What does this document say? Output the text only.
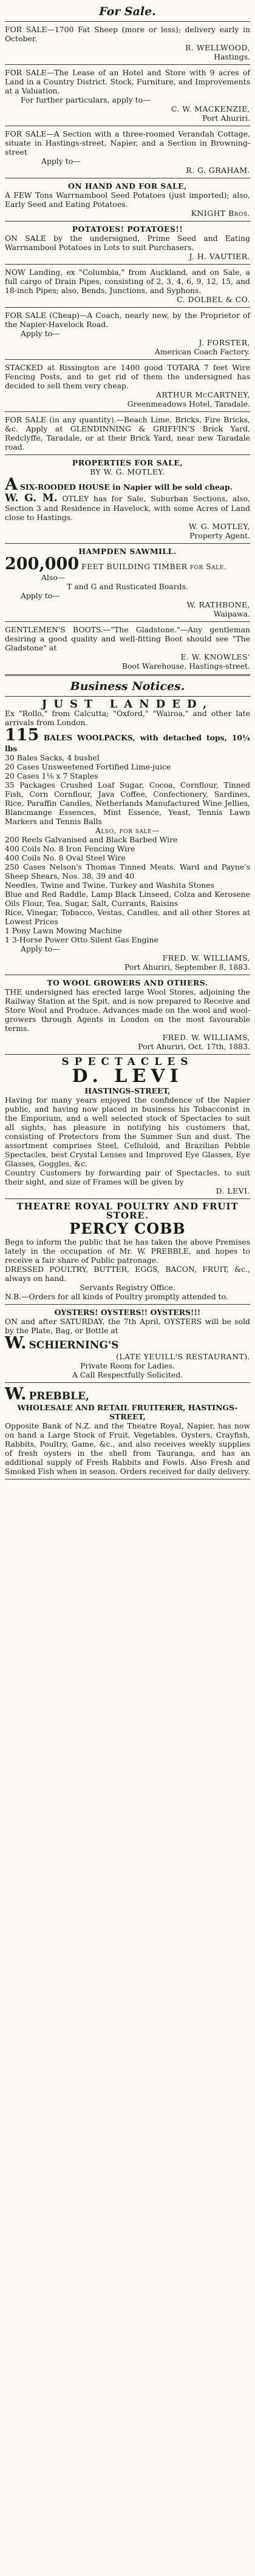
For Sale.

FOR SALE—1700 Fat Sheep (more or less); delivery early in October.

R. WELLWOOD,

Hastings.

FOR SALE—The Lease of an Hotel and Store with 9 acres of Land in a Country District. Stock, Furniture, and Improvements at a Valuation.

For further particulars, apply to—

C. W. MACKENZIE,

Port Ahuriri.

FOR SALE—A Section with a three-roomed Verandah Cottage, situate in Hastings-street, Napier, and a Section in Browning-street

Apply to—

R. G. GRAHAM.

ON HAND AND FOR SALE,

A FEW Tons Warrnambool Seed Potatoes (just imported); also, Early Seed and Eating Potatoes.

KNIGHT Bros.

POTATOES! POTATOES!!

ON SALE by the undersigned, Prime Seed and Eating Warrnambool Potatoes in Lots to suit Purchasers.

J. H. VAUTIER.

NOW Landing, ex "Columbia," from Auckland, and on Sale, a full cargo of Drain Pipes, consisting of 2, 3, 4, 6, 9, 12, 15, and 18-inch Pipes; also, Bends, Junctions, and Syphons.

C. DOLBEL & CO.

FOR SALE (Cheap)—A Coach, nearly new, by the Proprietor of the Napier-Havelock Road.

Apply to—

J. FORSTER,

American Coach Factory.

STACKED at Rissington are 1400 good TOTARA 7 feet Wire Fencing Posts, and to get rid of them the undersigned has decided to sell them very cheap.

ARTHUR McCARTNEY,

Greenmeadows Hotel, Taradale.

FOR SALE (in any quantity).—Beach Lime, Bricks, Fire Bricks, &c. Apply at GLENDINNING & GRIFFIN'S Brick Yard, Redclyffe, Taradale, or at their Brick Yard, near new Taradale road.

PROPERTIES FOR SALE,

BY W. G. MOTLEY.

A SIX-ROODED HOUSE in Napier will be sold cheap.

W. G. M. OTLEY has for Sale, Suburban Sections, also, Section 3 and Residence in Havelock, with some Acres of Land close to Hastings.

W. G. MOTLEY,

Property Agent.

HAMPDEN SAWMILL.

200,000 FEET BUILDING TIMBER for Sale.

Also—

T and G and Rusticated Boards.

Apply to—

W. RATHBONE,

Waipawa.

GENTLEMEN'S BOOTS.—"The Gladstone."—Any gentleman desiring a good quality and well-fitting Boot should see "The Gladstone" at

E. W. KNOWLES'

Boot Warehouse, Hastings-street.

Business Notices.

JUST LANDED,

Ex "Rollo," from Calcutta; "Oxford," "Wairoa," and other late arrivals from London.

115 BALES WOOLPACKS, with detached tops, 10¼ lbs

30 Bales Sacks, 4 bushel

20 Cases Unsweetened Fortified Lime-juice

20 Cases 1⅛ x 7 Staples

35 Packages Crushed Loaf Sugar, Cocoa, Cornflour, Tinned Fish, Corn Cornflour, Java Coffee, Confectionery, Sardines, Rice, Paraffin Candles, Netherlands Manufactured Wine Jellies, Blancmange Essences, Mint Essence, Yeast, Tennis Lawn Markers and Tennis Balls

Also, for sale—

200 Reels Galvanised and Black Barbed Wire

400 Coils No. 8 Iron Fencing Wire

400 Coils No. 8 Oval Steel Wire

250 Cases Nelson's Thomas Tinned Meats, Ward and Payne's Sheep Shears, Nos. 38, 39 and 40

Needles, Twine and Twine, Turkey and Washita Stones

Blue and Red Raddle, Lamp Black Linseed, Colza and Kerosene Oils Flour, Tea, Sugar, Salt, Currants, Raisins

Rice, Vinegar, Tobacco, Vestas, Candles, and all other Stores at Lowest Prices

1 Pony Lawn Mowing Machine

1 3-Horse Power Otto Silent Gas Engine

Apply to—

FRED. W. WILLIAMS,

Port Ahuriri, September 8, 1883.

TO WOOL GROWERS AND OTHERS.

THE undersigned has erected large Wool Stores, adjoining the Railway Station at the Spit, and is now prepared to Receive and Store Wool and Produce. Advances made on the wool and wool-growers through Agents in London on the most favourable terms.

FRED. W. WILLIAMS,

Port Ahuriri, Oct. 17th, 1883.

SPECTACLES

D. LEVI

HASTINGS-STREET,

Having for many years enjoyed the confidence of the Napier public, and having now placed in business his Tobacconist in the Emporium, and a well selected stock of Spectacles to suit all sights, has pleasure in notifying his customers that, consisting of Protectors from the Summer Sun and dust. The assortment comprises Steel, Celluloid, and Brazilian Pebble Spectacles, best Crystal Lenses and Improved Eye Glasses, Eye Glasses, Goggles, &c.

Country Customers by forwarding pair of Spectacles, to suit their sight, and size of Frames will be given by

D. LEVI.

THEATRE ROYAL POULTRY AND FRUIT STORE.

PERCY COBB

Begs to inform the public that he has taken the above Premises lately in the occupation of Mr. W. PREBBLE, and hopes to receive a fair share of Public patronage.

DRESSED POULTRY, BUTTER, EGGS, BACON, FRUIT, &c., always on hand.

Servants Registry Office.

N.B.—Orders for all kinds of Poultry promptly attended to.

OYSTERS! OYSTERS!! OYSTERS!!!

ON and after SATURDAY, the 7th April, OYSTERS will be sold by the Plate, Bag, or Bottle at

W. SCHIERNING'S

(LATE YEUILL'S RESTAURANT).

Private Room for Ladies.

A Call Respectfully Solicited.

W. PREBBLE,

WHOLESALE AND RETAIL FRUITERER, HASTINGS-STREET,

Opposite Bank of N.Z. and the Theatre Royal, Napier, has now on hand a Large Stock of Fruit, Vegetables, Oysters, Crayfish, Rabbits, Poultry, Game, &c., and also receives weekly supplies of fresh oysters in the shell from Tauranga, and has an additional supply of Fresh Rabbits and Fowls. Also Fresh and Smoked Fish when in season. Orders received for daily delivery.
